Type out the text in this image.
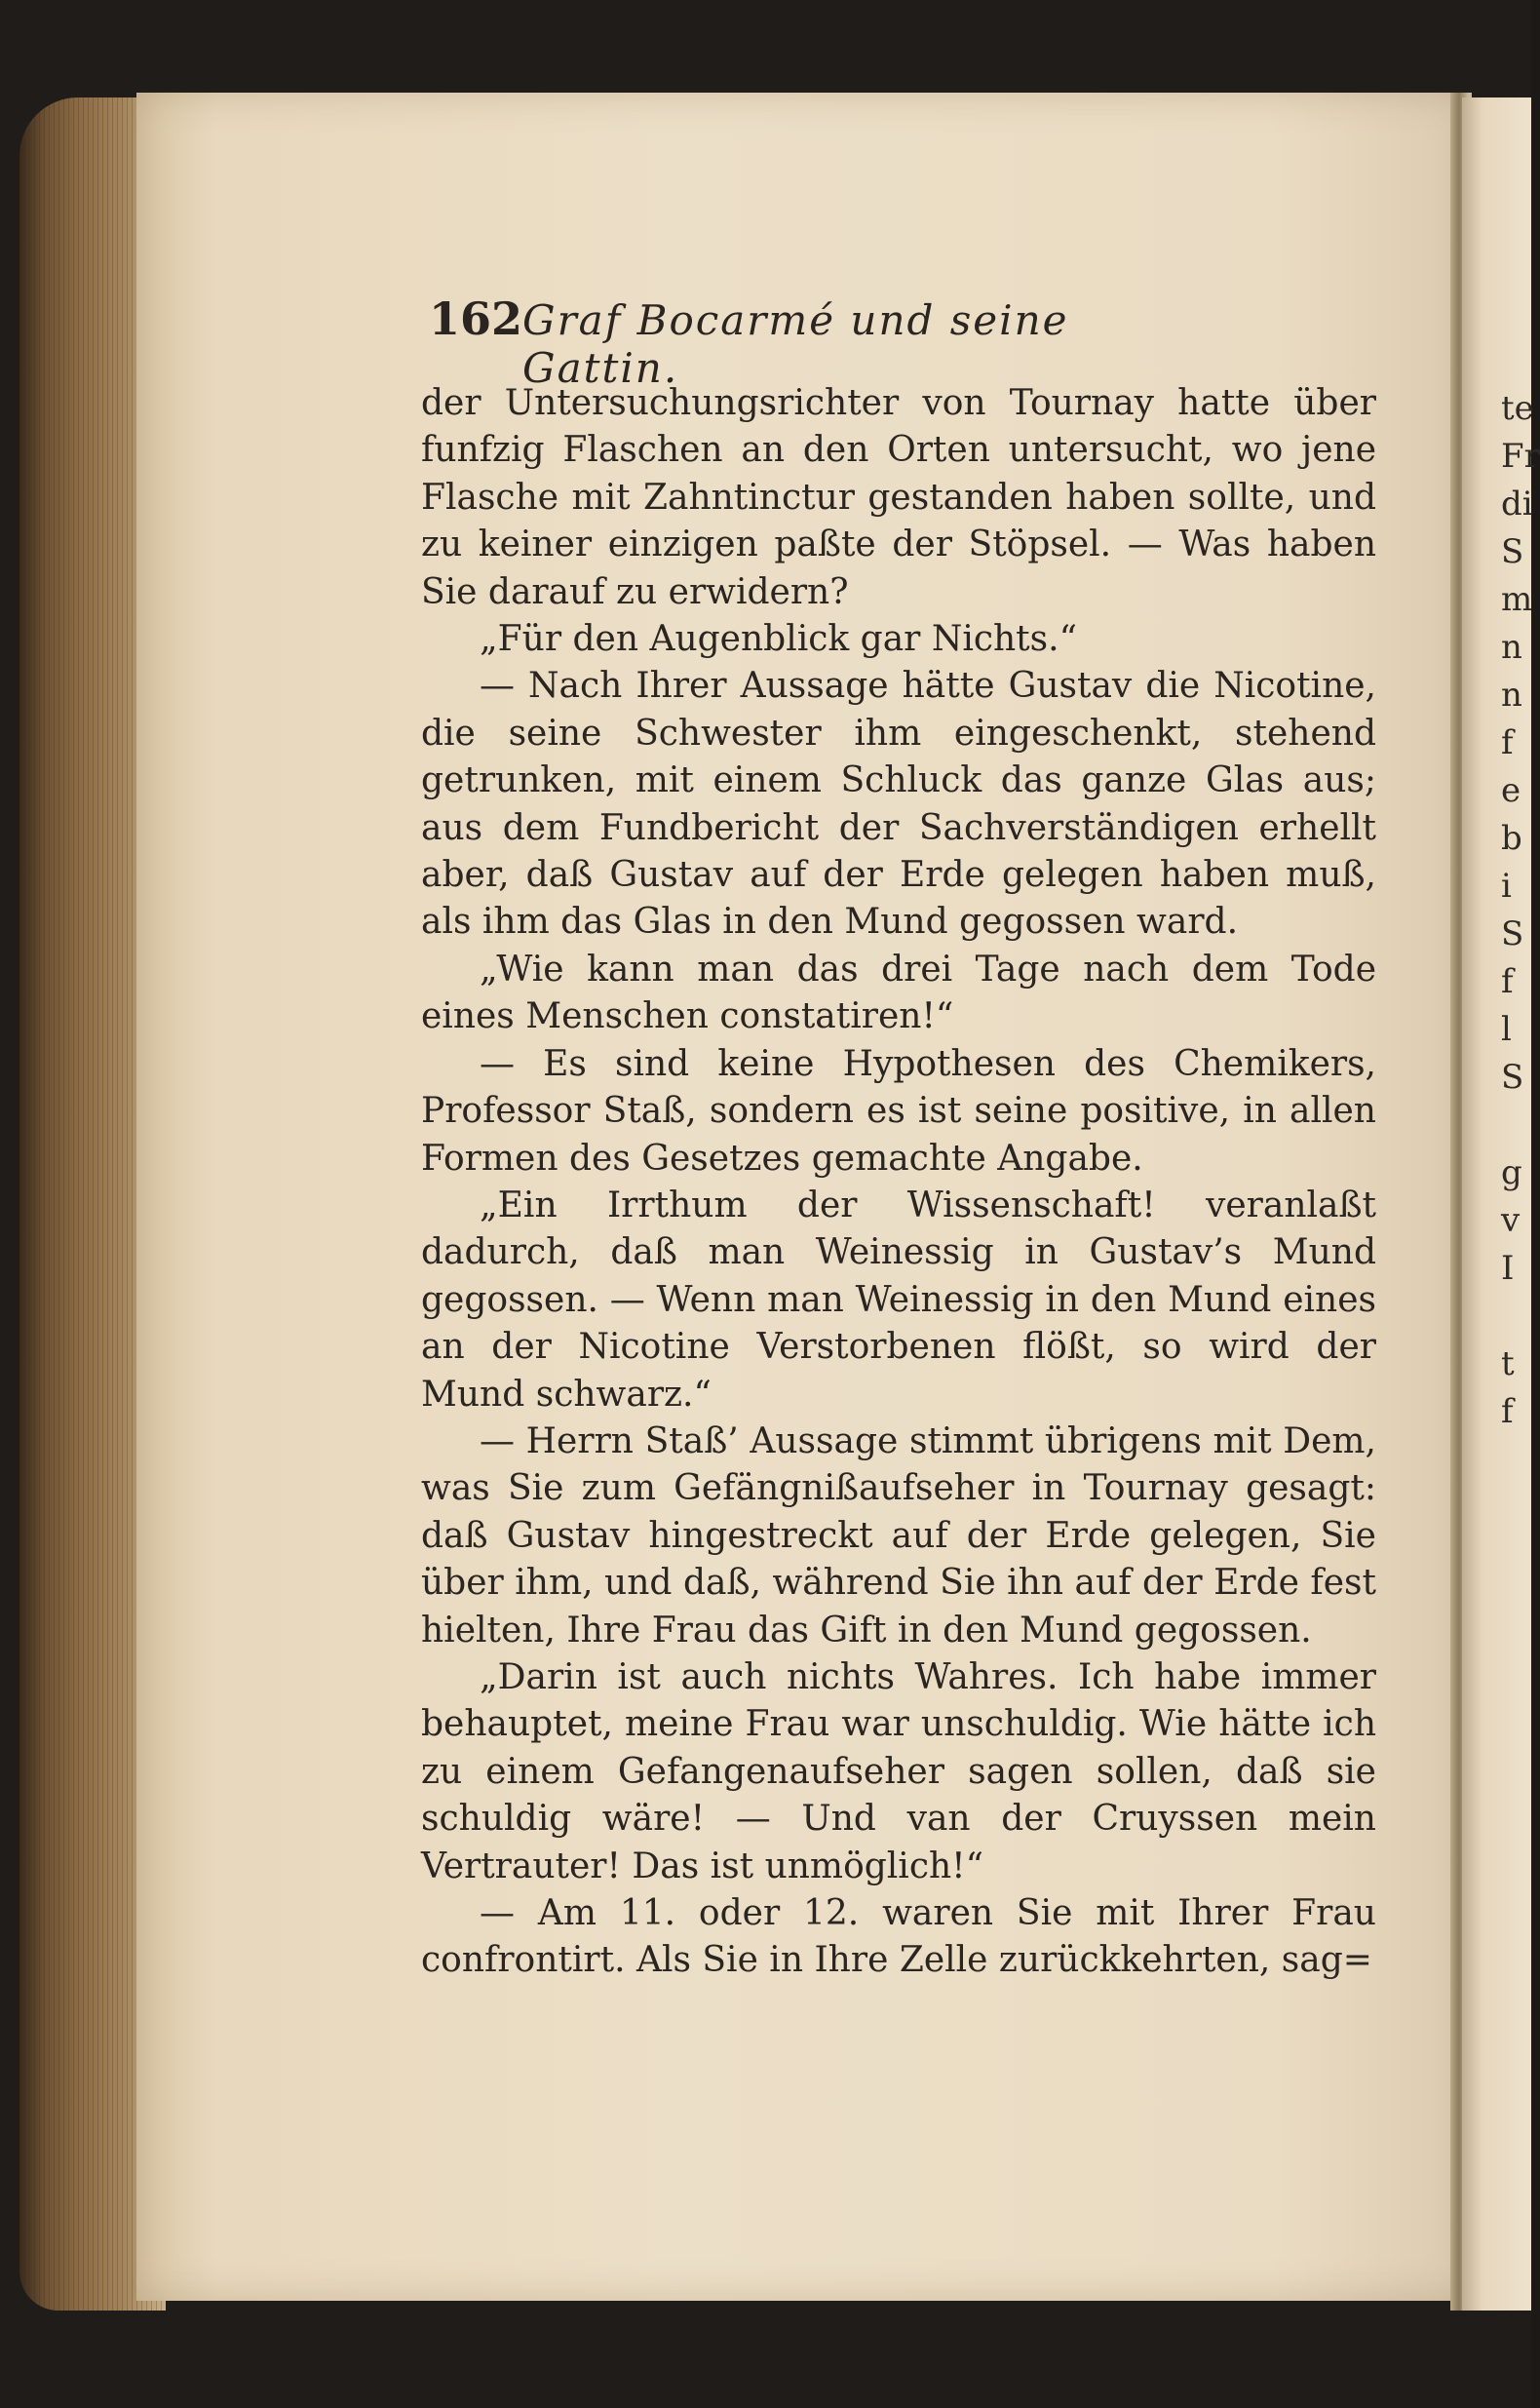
te
Fr
di
S
m
n
n
f
e
b
i
S
f
l
S

g
v
I

t
f
162 Graf Bocarmé und seine Gattin.

der Untersuchungsrichter von Tournay hatte über funfzig Flaschen an den Orten untersucht, wo jene Flasche mit Zahntinctur gestanden haben sollte, und zu keiner einzigen paßte der Stöpsel. — Was haben Sie darauf zu erwidern?

„Für den Augenblick gar Nichts.“

— Nach Ihrer Aussage hätte Gustav die Nicotine, die seine Schwester ihm eingeschenkt, stehend getrunken, mit einem Schluck das ganze Glas aus; aus dem Fundbericht der Sachverständigen erhellt aber, daß Gustav auf der Erde gelegen haben muß, als ihm das Glas in den Mund gegossen ward.

„Wie kann man das drei Tage nach dem Tode eines Menschen constatiren!“

— Es sind keine Hypothesen des Chemikers, Professor Staß, sondern es ist seine positive, in allen Formen des Gesetzes gemachte Angabe.

„Ein Irrthum der Wissenschaft! veranlaßt dadurch, daß man Weinessig in Gustav’s Mund gegossen. — Wenn man Weinessig in den Mund eines an der Nicotine Verstorbenen flößt, so wird der Mund schwarz.“

— Herrn Staß’ Aussage stimmt übrigens mit Dem, was Sie zum Gefängnißaufseher in Tournay gesagt: daß Gustav hingestreckt auf der Erde gelegen, Sie über ihm, und daß, während Sie ihn auf der Erde fest hielten, Ihre Frau das Gift in den Mund gegossen.

„Darin ist auch nichts Wahres. Ich habe immer behauptet, meine Frau war unschuldig. Wie hätte ich zu einem Gefangenaufseher sagen sollen, daß sie schuldig wäre! — Und van der Cruyssen mein Vertrauter! Das ist unmöglich!“

— Am 11. oder 12. waren Sie mit Ihrer Frau confrontirt. Als Sie in Ihre Zelle zurückkehrten, sag=
